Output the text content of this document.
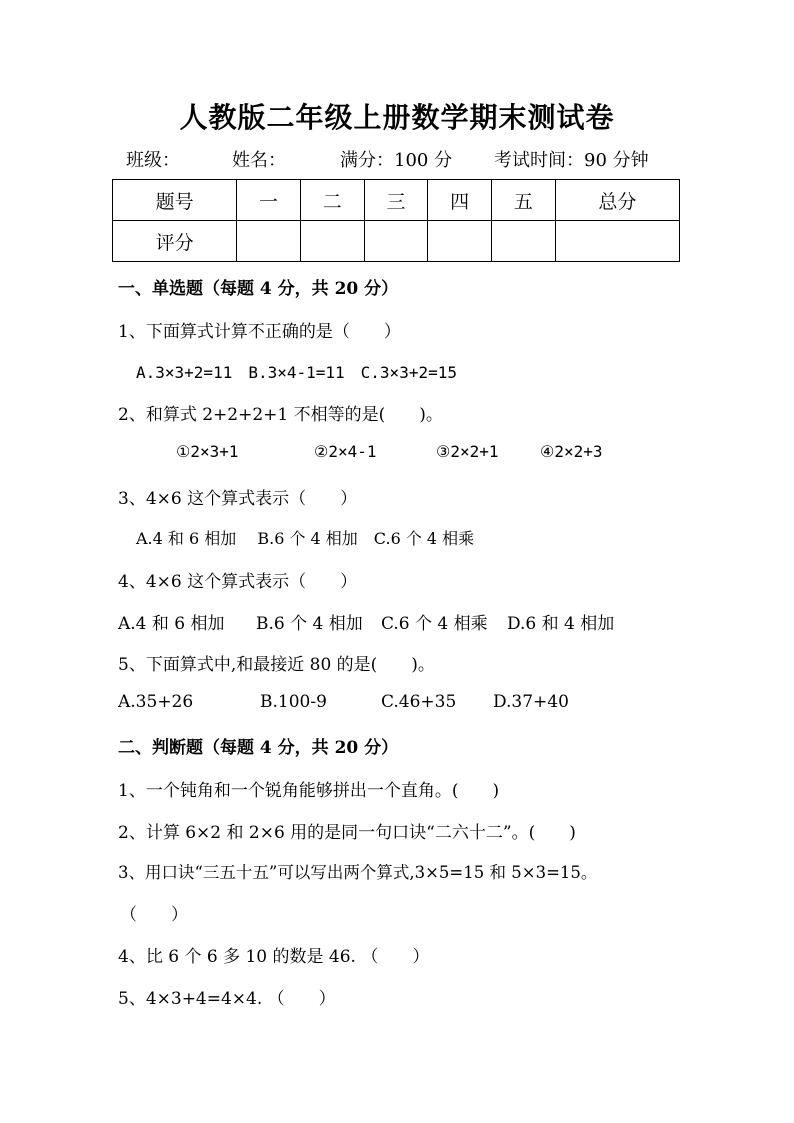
人教版二年级上册数学期末测试卷
班级：	姓名：	满分：100 分 考试时间：90 分钟
题号	一	二	三	四	五	总分
评分						
一、单选题（每题 4 分，共 20 分）
1、下面算式计算不正确的是（　　）
A.3×3+2=11　B.3×4-1=11　C.3×3+2=15
2、和算式 2+2+2+1 不相等的是(　　)。
①2×3+1	②2×4-1	③2×2+1	④2×2+3
3、4×6 这个算式表示（　　）
A.4 和 6 相加　 B.6 个 4 相加　C.6 个 4 相乘
4、4×6 这个算式表示（　　）
A.4 和 6 相加 B.6 个 4 相加 C.6 个 4 相乘 D.6 和 4 相加
5、下面算式中,和最接近 80 的是(　　)。
A.35+26	B.100-9	C.46+35 D.37+40
二、判断题（每题 4 分，共 20 分）
1、一个钝角和一个锐角能够拼出一个直角。(　　)
2、计算 6×2 和 2×6 用的是同一句口诀“二六十二”。(　　)
3、用口诀“三五十五”可以写出两个算式,3×5=15 和 5×3=15。
（　　）
4、比 6 个 6 多 10 的数是 46. （　　）
5、4×3+4=4×4. （　　）
